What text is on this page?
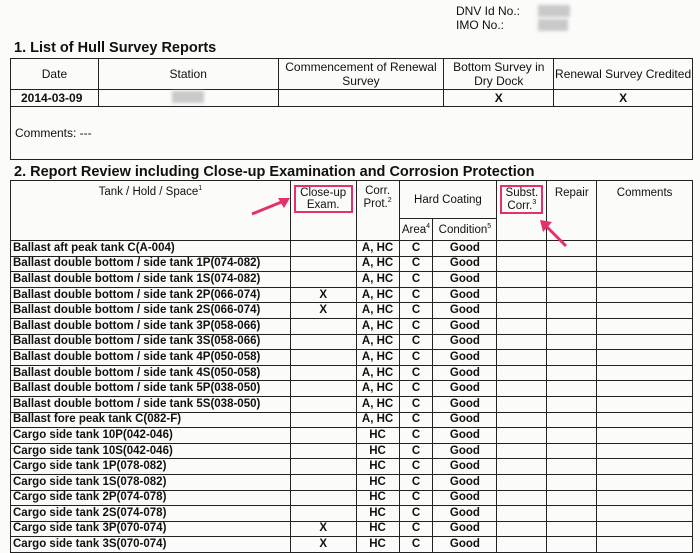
DNV Id No.:
IMO No.:
1. List of Hull Survey Reports
Date	Station	Commencement of Renewal Survey	Bottom Survey in Dry Dock	Renewal Survey Credited
2014-03-09			X	X
Comments: ---				
2. Report Review including Close-up Examination and Corrosion Protection
Tank / Hold / Space$^1$	Close-up Exam.	Corr. Prot.$^2$	Hard Coating		Subst. Corr.$^3$	Repair	Comments
			Area$^4$	Condition$^5$
Ballast aft peak tank C(A-004)		A, HC	C	Good			
Ballast double bottom / side tank 1P(074-082)		A, HC	C	Good			
Ballast double bottom / side tank 1S(074-082)		A, HC	C	Good			
Ballast double bottom / side tank 2P(066-074)	X	A, HC	C	Good			
Ballast double bottom / side tank 2S(066-074)	X	A, HC	C	Good			
Ballast double bottom / side tank 3P(058-066)		A, HC	C	Good			
Ballast double bottom / side tank 3S(058-066)		A, HC	C	Good			
Ballast double bottom / side tank 4P(050-058)		A, HC	C	Good			
Ballast double bottom / side tank 4S(050-058)		A, HC	C	Good			
Ballast double bottom / side tank 5P(038-050)		A, HC	C	Good			
Ballast double bottom / side tank 5S(038-050)		A, HC	C	Good			
Ballast fore peak tank C(082-F)		A, HC	C	Good			
Cargo side tank 10P(042-046)		HC	C	Good			
Cargo side tank 10S(042-046)		HC	C	Good			
Cargo side tank 1P(078-082)		HC	C	Good			
Cargo side tank 1S(078-082)		HC	C	Good			
Cargo side tank 2P(074-078)		HC	C	Good			
Cargo side tank 2S(074-078)		HC	C	Good			
Cargo side tank 3P(070-074)	X	HC	C	Good			
Cargo side tank 3S(070-074)	X	HC	C	Good			
